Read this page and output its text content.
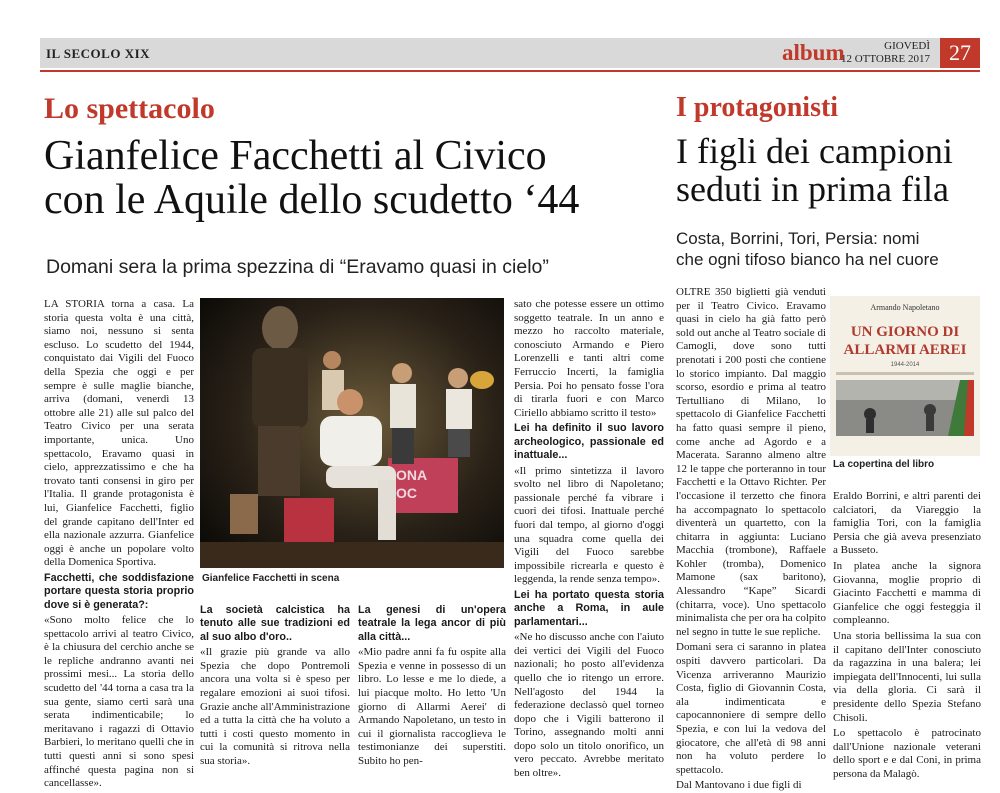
IL SECOLO XIX	album	GIOVEDÌ
12 OTTOBRE 2017 27
Lo spettacolo
Gianfelice Facchetti al Civico
con le Aquile dello scudetto ‘44
Domani sera la prima spezzina di “Eravamo quasi in cielo”
I protagonisti
I figli dei campioni
seduti in prima fila
Costa, Borrini, Tori, Persia: nomi
che ogni tifoso bianco ha nel cuore
ONA
OC
Gianfelice Facchetti in scena
Armando Napoletano
UN GIORNO DI
ALLARMI AEREI
1944-2014
La copertina del libro

LA STORIA torna a casa. La storia questa volta è una città, siamo noi, nessuno si senta escluso. Lo scudetto del 1944, conquistato dai Vigili del Fuoco della Spezia che oggi e per sempre è sulle maglie bianche, arriva (domani, venerdì 13 ottobre alle 21) alle sul palco del Teatro Civico per una serata importante, unica. Uno spettacolo, Eravamo quasi in cielo, apprezzatissimo e che ha trovato tanti consensi in giro per l'Italia. Il grande protagonista è lui, Gianfelice Facchetti, figlio del grande capitano dell'Inter ed ella nazionale azzurra. Gianfelice oggi è anche un popolare volto della Domenica Sportiva.

Facchetti, che soddisfazione portare questa storia proprio dove si è generata?:

«Sono molto felice che lo spettacolo arrivi al teatro Civico, è la chiusura del cerchio anche se le repliche andranno avanti nei prossimi mesi... La storia dello scudetto del '44 torna a casa tra la sua gente, siamo certi sarà una serata indimenticabile; lo meritavano i ragazzi di Ottavio Barbieri, lo meritano quelli che in tutti questi anni si sono spesi affinché questa pagina non si cancellasse».

La società calcistica ha tenuto alle sue tradizioni ed al suo albo d'oro..

«Il grazie più grande va allo Spezia che dopo Pontremoli ancora una volta si è speso per regalare emozioni ai suoi tifosi. Grazie anche all'Amministrazione ed a tutta la città che ha voluto a tutti i costi questo momento in cui la comunità si ritrova nella sua storia».

La genesi di un'opera teatrale la lega ancor di più alla città...

«Mio padre anni fa fu ospite alla Spezia e venne in possesso di un libro. Lo lesse e me lo diede, a lui piacque molto. Ho letto 'Un giorno di Allarmi Aerei' di Armando Napoletano, un testo in cui il giornalista raccoglieva le testimonianze dei superstiti. Subito ho pen-

sato che potesse essere un ottimo soggetto teatrale. In un anno e mezzo ho raccolto materiale, conosciuto Armando e Piero Lorenzelli e tanti altri come Ferruccio Incerti, la famiglia Persia. Poi ho pensato fosse l'ora di tirarla fuori e con Marco Ciriello abbiamo scritto il testo»

Lei ha definito il suo lavoro archeologico, passionale ed inattuale...

«Il primo sintetizza il lavoro svolto nel libro di Napoletano; passionale perché fa vibrare i cuori dei tifosi. Inattuale perché fuori dal tempo, al giorno d'oggi una squadra come quella dei Vigili del Fuoco sarebbe impossibile ricrearla e questo è leggenda, la rende senza tempo».

Lei ha portato questa storia anche a Roma, in aule parlamentari...

«Ne ho discusso anche con l'aiuto dei vertici dei Vigili del Fuoco nazionali; ho posto all'evidenza quello che io ritengo un errore. Nell'agosto del 1944 la federazione declassò quel torneo dopo che i Vigili batterono il Torino, assegnando molti anni dopo solo un titolo onorifico, un vero peccato. Avrebbe meritato ben oltre».

OLTRE 350 biglietti già venduti per il Teatro Civico. Eravamo quasi in cielo ha già fatto però sold out anche al Teatro sociale di Camogli, dove sono tutti prenotati i 200 posti che contiene lo storico impianto. Dal maggio scorso, esordio e prima al teatro Tertulliano di Milano, lo spettacolo di Gianfelice Facchetti ha fatto quasi sempre il pieno, come anche ad Agordo e a Macerata. Saranno almeno altre 12 le tappe che porteranno in tour Facchetti e la Ottavo Richter. Per l'occasione il terzetto che finora ha accompagnato lo spettacolo diventerà un quartetto, con la chitarra in aggiunta: Luciano Macchia (trombone), Raffaele Kohler (tromba), Domenico Mamone (sax baritono), Alessandro “Kape” Sicardi (chitarra, voce). Uno spettacolo minimalista che per ora ha colpito nel segno in tutte le sue repliche.

Domani sera ci saranno in platea ospiti davvero particolari. Da Vicenza arriveranno Maurizio Costa, figlio di Giovannin Costa, ala indimenticata e capocannoniere di sempre dello Spezia, e con lui la vedova del giocatore, che all'età di 98 anni non ha voluto perdere lo spettacolo.

Dal Mantovano i due figli di

Eraldo Borrini, e altri parenti dei calciatori, da Viareggio la famiglia Tori, con la famiglia Persia che già aveva presenziato a Busseto.

In platea anche la signora Giovanna, moglie proprio di Giacinto Facchetti e mamma di Gianfelice che oggi festeggia il compleanno.

Una storia bellissima la sua con il capitano dell'Inter conosciuto da ragazzina in una balera; lei impiegata dell'Innocenti, lui sulla via della gloria. Ci sarà il presidente dello Spezia Stefano Chisoli.

Lo spettacolo è patrocinato dall'Unione nazionale veterani dello sport e e dal Coni, in prima persona da Malagò.
